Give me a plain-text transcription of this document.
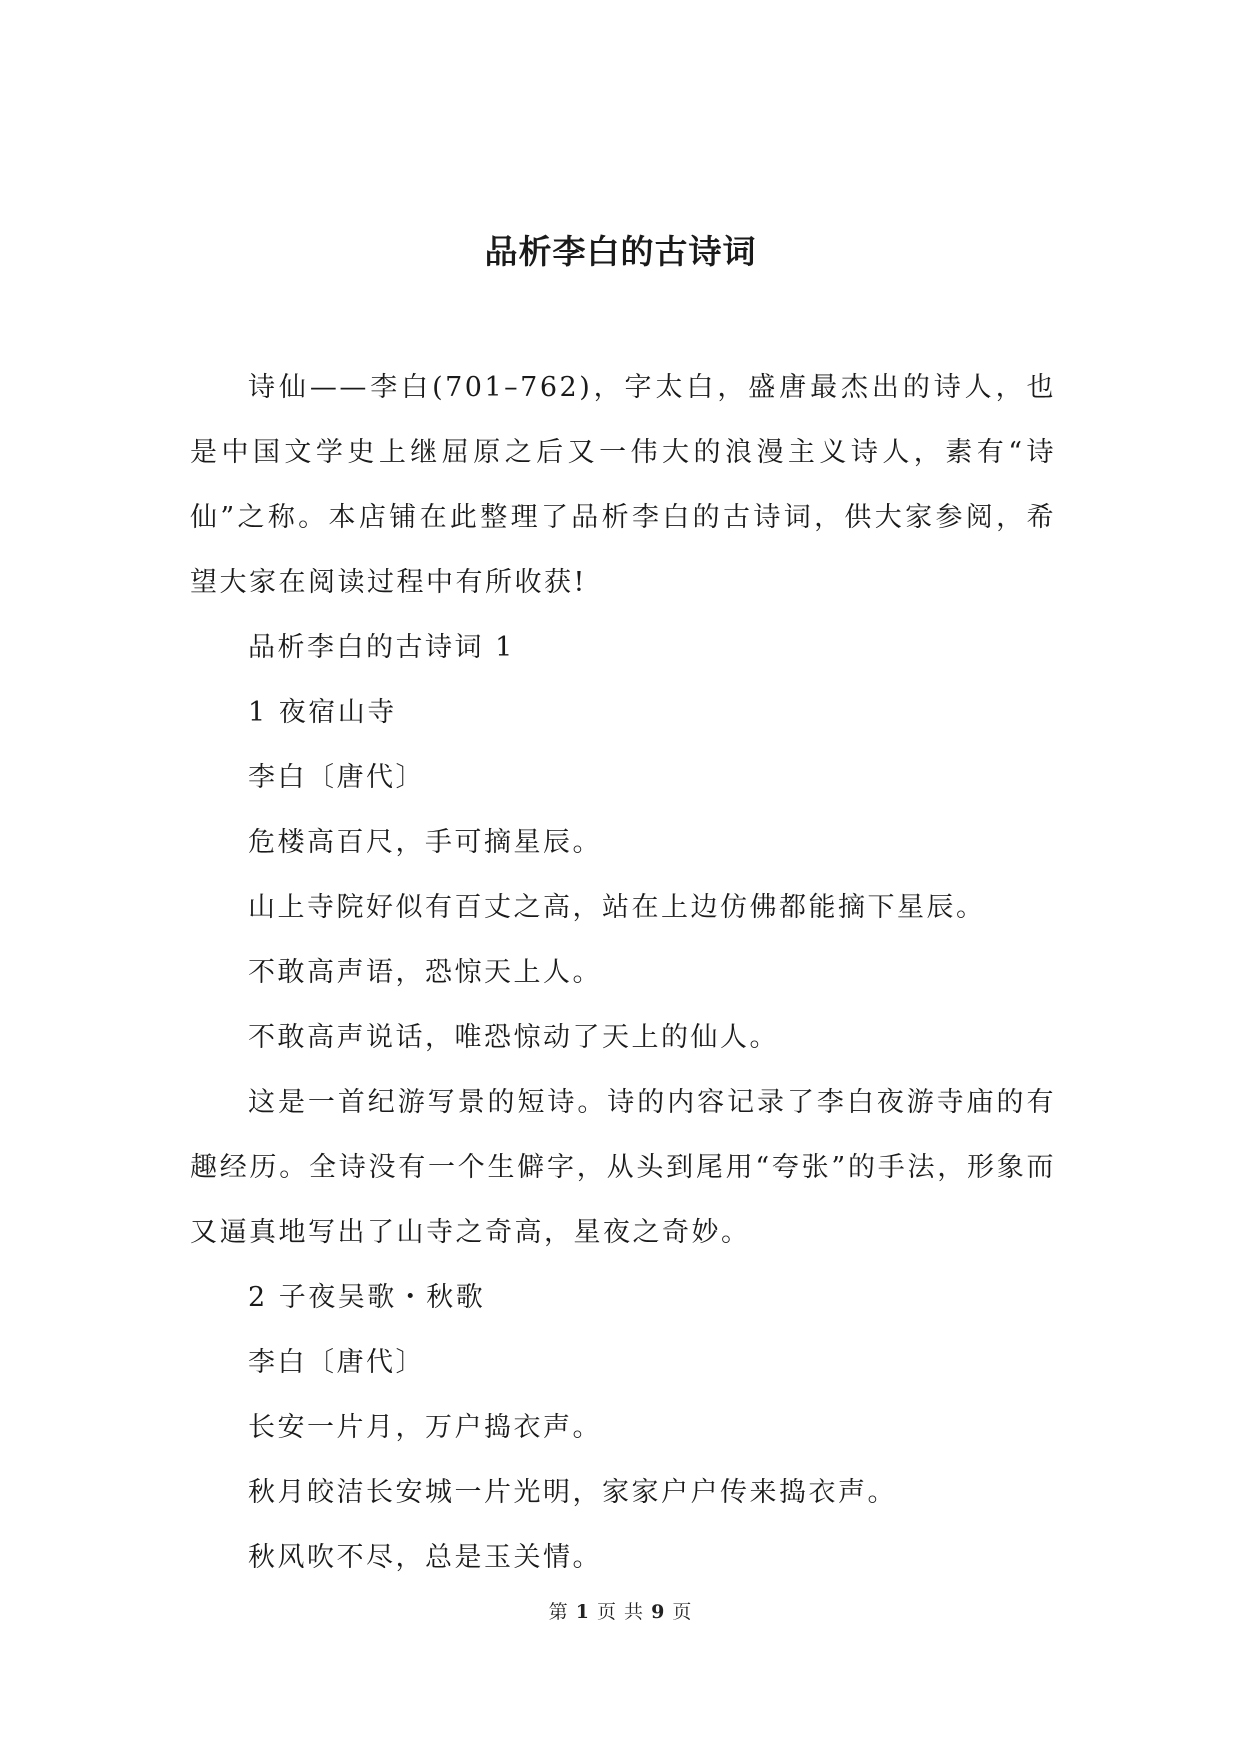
品析李白的古诗词

诗仙——李白(701–762)，字太白，盛唐最杰出的诗人，也是中国文学史上继屈原之后又一伟大的浪漫主义诗人，素有“诗仙”之称。本店铺在此整理了品析李白的古诗词，供大家参阅，希望大家在阅读过程中有所收获!

品析李白的古诗词 1

1 夜宿山寺

李白〔唐代〕

危楼高百尺，手可摘星辰。

山上寺院好似有百丈之高，站在上边仿佛都能摘下星辰。

不敢高声语，恐惊天上人。

不敢高声说话，唯恐惊动了天上的仙人。

这是一首纪游写景的短诗。诗的内容记录了李白夜游寺庙的有趣经历。全诗没有一个生僻字，从头到尾用“夸张”的手法，形象而又逼真地写出了山寺之奇高，星夜之奇妙。

2 子夜吴歌・秋歌

李白〔唐代〕

长安一片月，万户捣衣声。

秋月皎洁长安城一片光明，家家户户传来捣衣声。

秋风吹不尽，总是玉关情。

第 1 页 共 9 页
